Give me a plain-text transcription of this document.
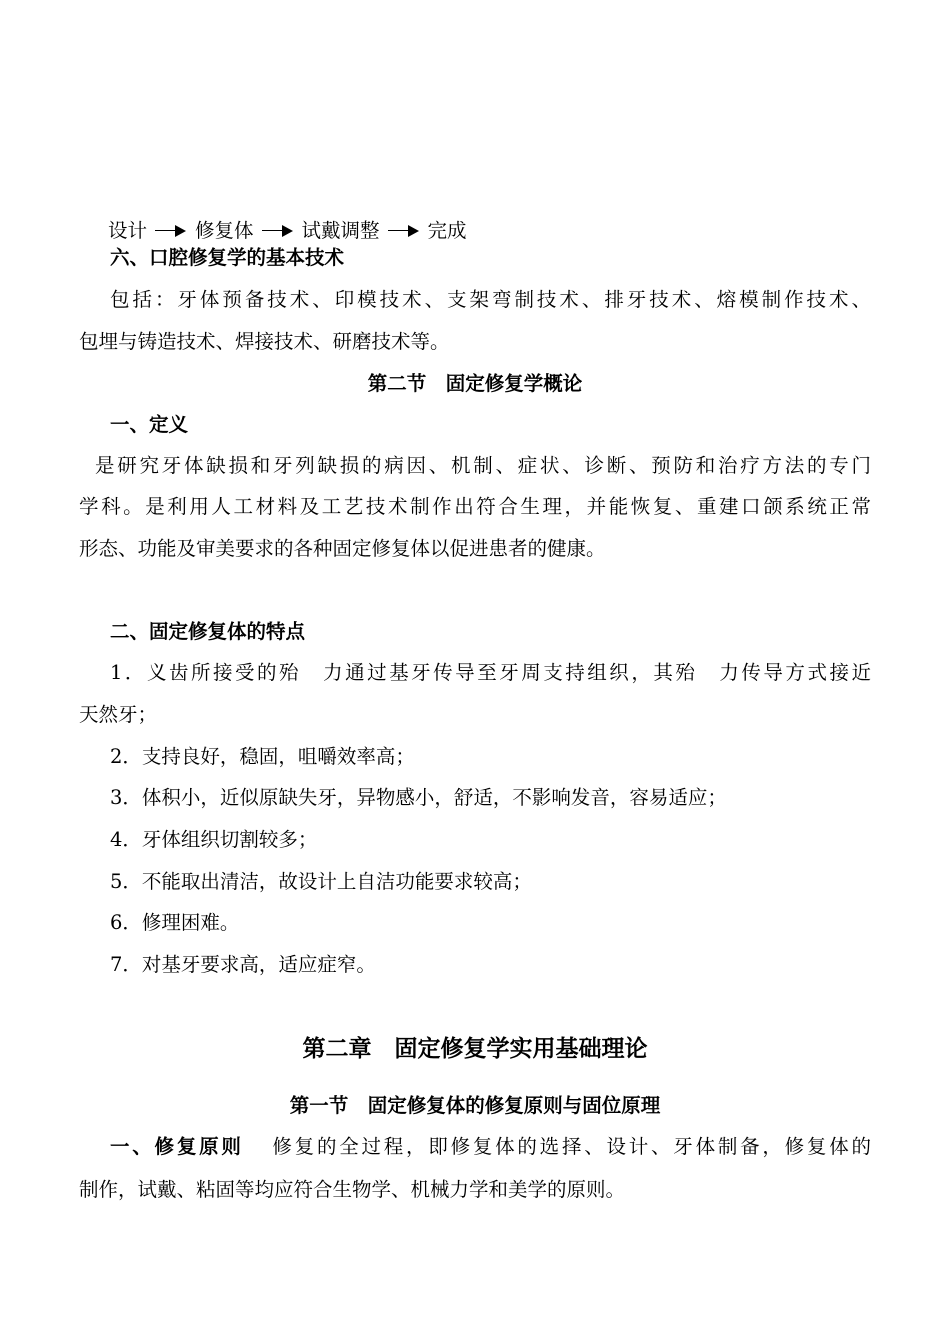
设计 修复体 试戴调整 完成
六、口腔修复学的基本技术
包括：牙体预备技术、印模技术、支架弯制技术、排牙技术、熔模制作技术、
包埋与铸造技术、焊接技术、研磨技术等。
第二节　固定修复学概论
一、定义
是研究牙体缺损和牙列缺损的病因、机制、症状、诊断、预防和治疗方法的专门
学科。是利用人工材料及工艺技术制作出符合生理，并能恢复、重建口颌系统正常
形态、功能及审美要求的各种固定修复体以促进患者的健康。
二、固定修复体的特点
1．义齿所接受的殆　力通过基牙传导至牙周支持组织，其殆　力传导方式接近
天然牙；
2．支持良好，稳固，咀嚼效率高；
3．体积小，近似原缺失牙，异物感小，舒适，不影响发音，容易适应；
4．牙体组织切割较多；
5．不能取出清洁，故设计上自洁功能要求较高；
6．修理困难。
7．对基牙要求高，适应症窄。
第二章　固定修复学实用基础理论
第一节　固定修复体的修复原则与固位原理
一、修复原则 修复的全过程，即修复体的选择、设计、牙体制备，修复体的
制作，试戴、粘固等均应符合生物学、机械力学和美学的原则。
